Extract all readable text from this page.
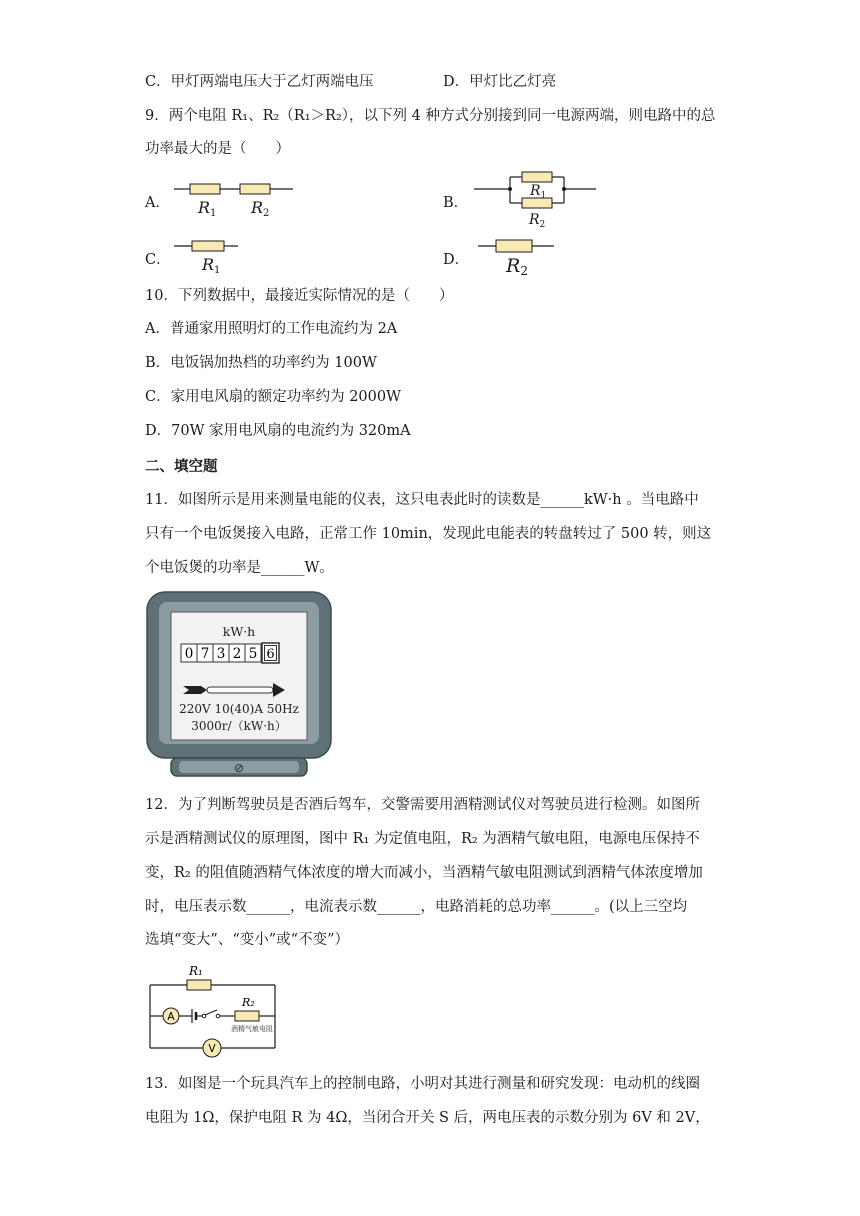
C．甲灯两端电压大于乙灯两端电压	D．甲灯比乙灯亮
9．两个电阻 R₁、R₂（R₁＞R₂），以下列 4 种方式分别接到同一电源两端，则电路中的总
功率最大的是（　　）
A． R1 R2
B．
$R_1$
$R_2$
C． R1
D． R2
10．下列数据中，最接近实际情况的是（　　）
A．普通家用照明灯的工作电流约为 2A
B．电饭锅加热档的功率约为 100W
C．家用电风扇的额定功率约为 2000W
D．70W 家用电风扇的电流约为 320mA
二、填空题
11．如图所示是用来测量电能的仪表，这只电表此时的读数是______kW·h 。当电路中
只有一个电饭煲接入电路，正常工作 10min，发现此电能表的转盘转过了 500 转，则这
个电饭煲的功率是______W。
kW·h
0 7 3 2 5 6
220V 10(40)A 50Hz
3000r/（kW·h）
⊘
12．为了判断驾驶员是否酒后驾车，交警需要用酒精测试仪对驾驶员进行检测。如图所
示是酒精测试仪的原理图，图中 R₁ 为定值电阻，R₂ 为酒精气敏电阻，电源电压保持不
变，R₂ 的阻值随酒精气体浓度的增大而减小，当酒精气敏电阻测试到酒精气体浓度增加
时，电压表示数______，电流表示数______，电路消耗的总功率______。(以上三空均
选填“变大”、“变小”或“不变”）
R₁
A
R₂
酒精气敏电阻
V
13．如图是一个玩具汽车上的控制电路，小明对其进行测量和研究发现：电动机的线圈
电阻为 1Ω，保护电阻 R 为 4Ω，当闭合开关 S 后，两电压表的示数分别为 6V 和 2V，
